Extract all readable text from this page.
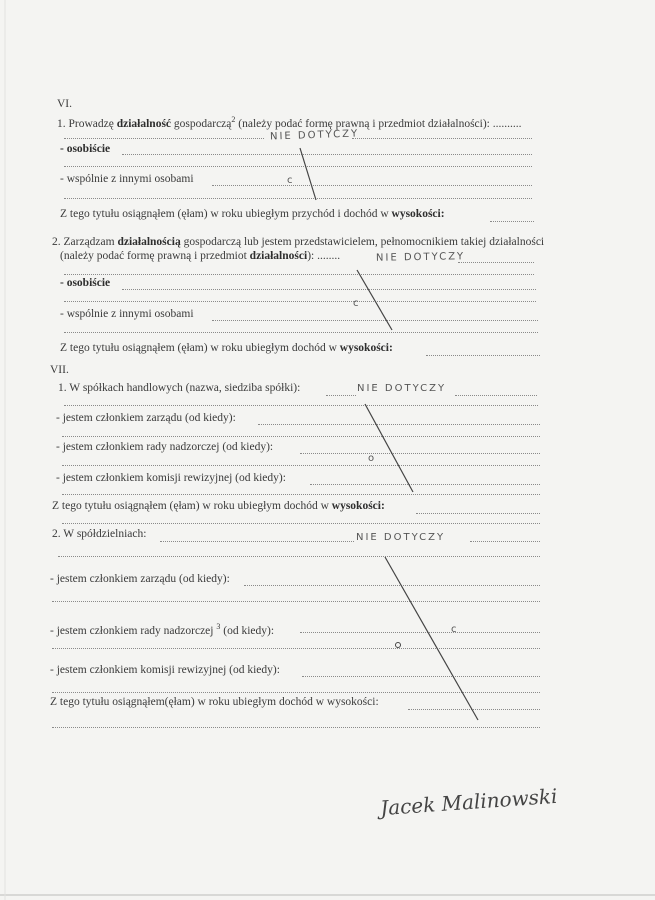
VI.
1. Prowadzę działalność gospodarczą$^2$ (należy podać formę prawną i przedmiot działalności): ..........
NIE DOTYCZY
- osobiście
- wspólnie z innymi osobami	c
Z tego tytułu osiągnąłem (ęłam) w roku ubiegłym przychód i dochód w wysokości:
2. Zarządzam działalnością gospodarczą lub jestem przedstawicielem, pełnomocnikiem takiej działalności
(należy podać formę prawną i przedmiot działalności): ........	NIE DOTYCZY
- osobiście
c
- wspólnie z innymi osobami
Z tego tytułu osiągnąłem (ęłam) w roku ubiegłym dochód w wysokości:
VII.
1. W spółkach handlowych (nazwa, siedziba spółki):	NIE DOTYCZY
- jestem członkiem zarządu (od kiedy):
- jestem członkiem rady nadzorczej (od kiedy):
o
- jestem członkiem komisji rewizyjnej (od kiedy):
Z tego tytułu osiągnąłem (ęłam) w roku ubiegłym dochód w wysokości:
2. W spółdzielniach:	NIE DOTYCZY
- jestem członkiem zarządu (od kiedy):
- jestem członkiem rady nadzorczej $^3$ (od kiedy):	c
- jestem członkiem komisji rewizyjnej (od kiedy):
Z tego tytułu osiągnąłem(ęłam) w roku ubiegłym dochód w wysokości:
Jacek Malinowski
